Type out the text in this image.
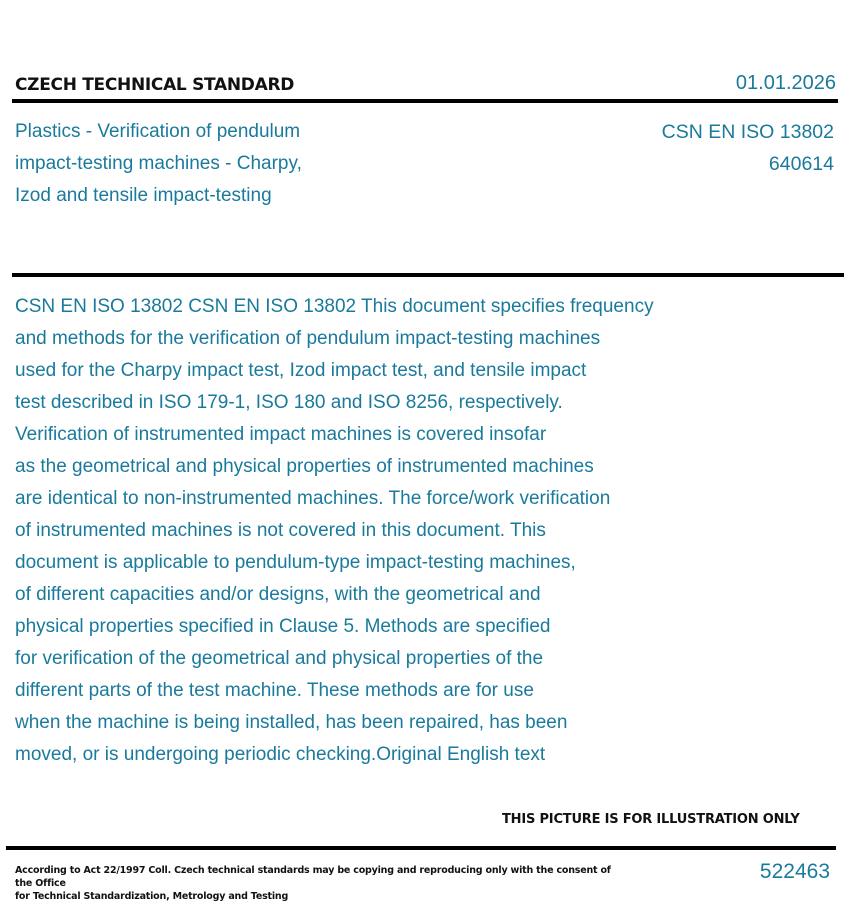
CZECH TECHNICAL STANDARD	01.01.2026
Plastics - Verification of pendulum
impact-testing machines - Charpy,
Izod and tensile impact-testing
CSN EN ISO 13802
640614
CSN EN ISO 13802 CSN EN ISO 13802 This document specifies frequency
and methods for the verification of pendulum impact-testing machines
used for the Charpy impact test, Izod impact test, and tensile impact
test described in ISO 179-1, ISO 180 and ISO 8256, respectively.
Verification of instrumented impact machines is covered insofar
as the geometrical and physical properties of instrumented machines
are identical to non-instrumented machines. The force/work verification
of instrumented machines is not covered in this document. This
document is applicable to pendulum-type impact-testing machines,
of different capacities and/or designs, with the geometrical and
physical properties specified in Clause 5. Methods are specified
for verification of the geometrical and physical properties of the
different parts of the test machine. These methods are for use
when the machine is being installed, has been repaired, has been
moved, or is undergoing periodic checking.Original English text
THIS PICTURE IS FOR ILLUSTRATION ONLY
According to Act 22/1997 Coll. Czech technical standards may be copying and reproducing only with the consent of the Office
for Technical Standardization, Metrology and Testing
522463
